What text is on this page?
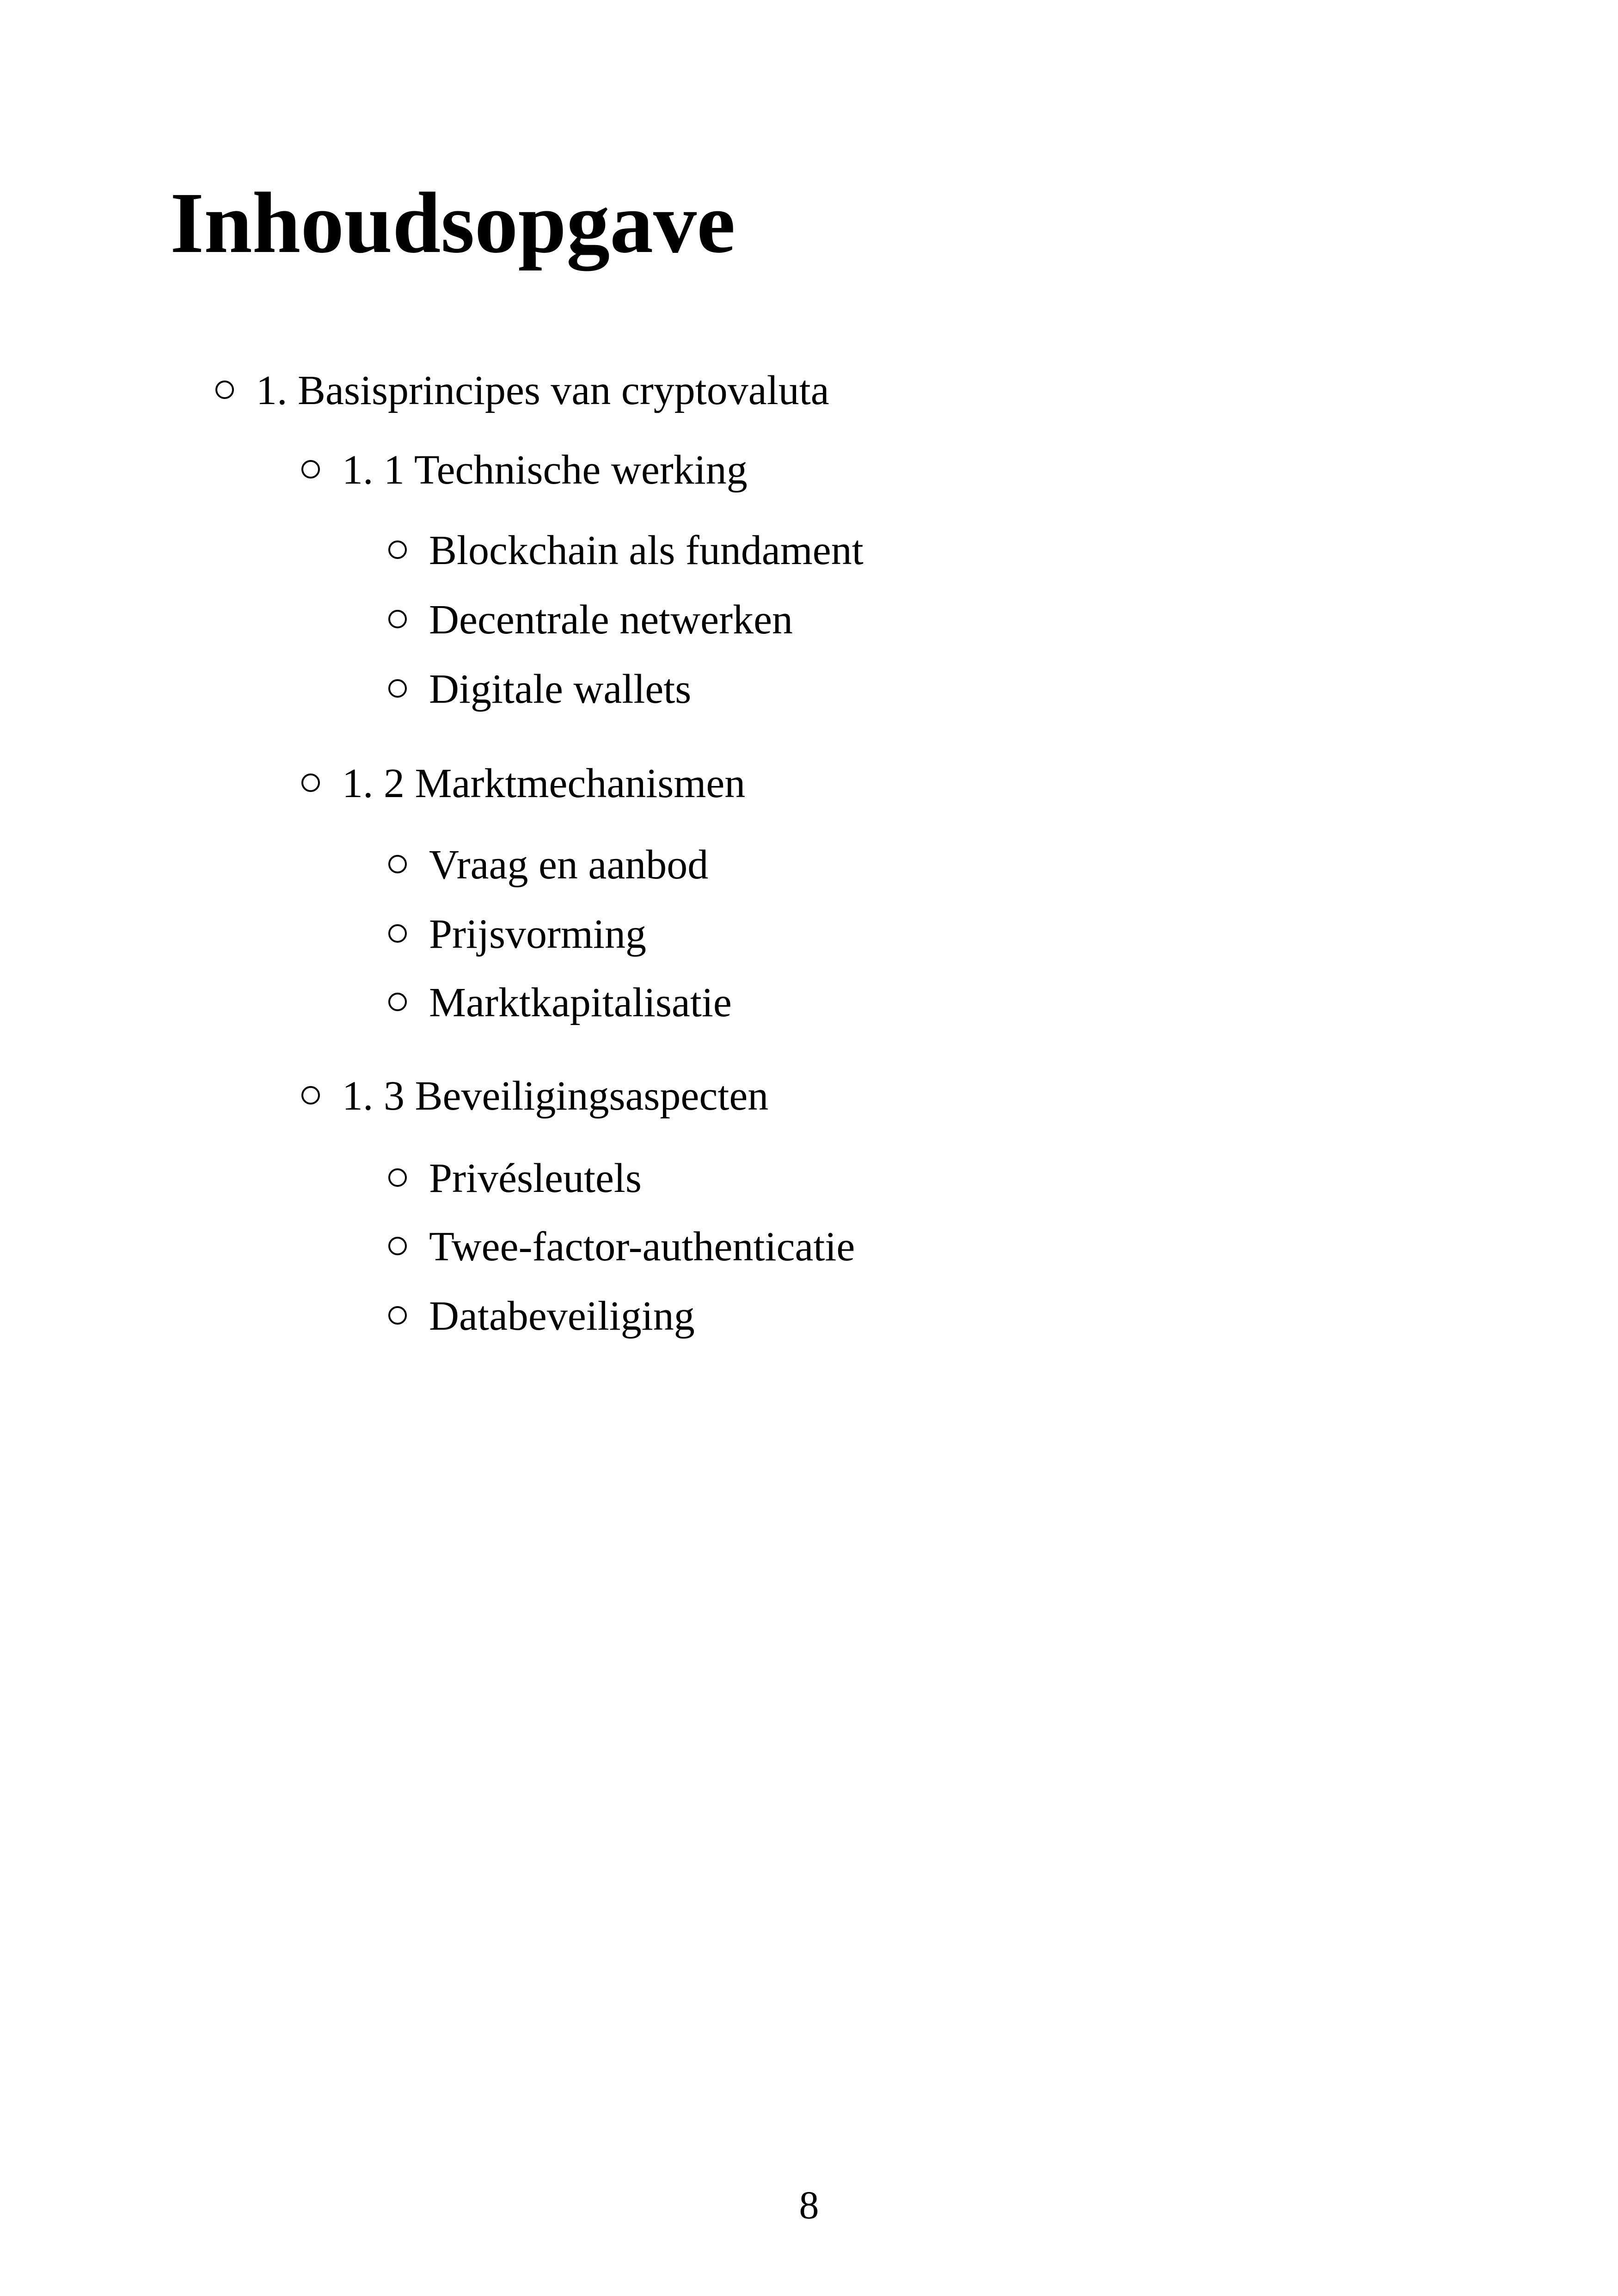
Inhoudsopgave
1. Basisprincipes van cryptovaluta
1. 1 Technische werking
Blockchain als fundament
Decentrale netwerken
Digitale wallets
1. 2 Marktmechanismen
Vraag en aanbod
Prijsvorming
Marktkapitalisatie
1. 3 Beveiligingsaspecten
Privésleutels
Twee-factor-authenticatie
Databeveiliging
8
